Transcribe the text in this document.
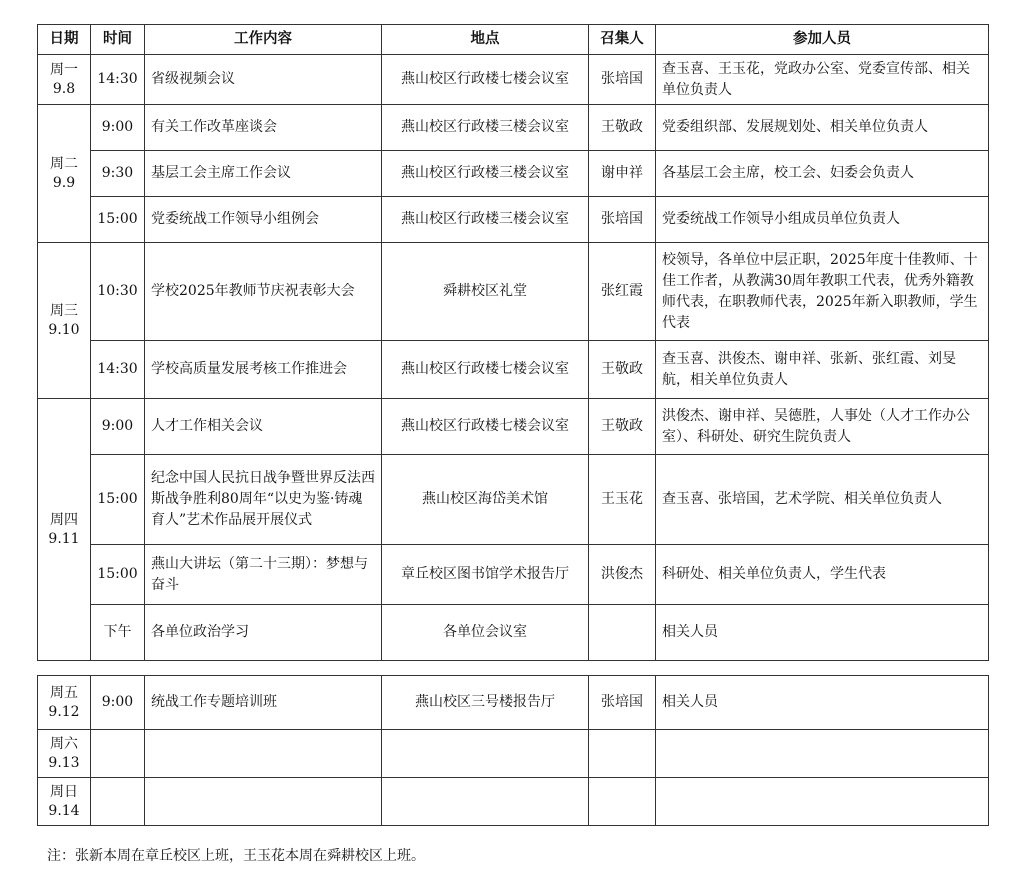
日期	时间	工作内容	地点	召集人	参加人员

周一
9.8	14:30	省级视频会议	燕山校区行政楼七楼会议室	张培国	查玉喜、王玉花，党政办公室、党委宣传部、相关单位负责人

周二
9.9	9:00	有关工作改革座谈会	燕山校区行政楼三楼会议室	王敬政	党委组织部、发展规划处、相关单位负责人
	9:30	基层工会主席工作会议	燕山校区行政楼三楼会议室	谢申祥	各基层工会主席，校工会、妇委会负责人
	15:00	党委统战工作领导小组例会	燕山校区行政楼三楼会议室	张培国	党委统战工作领导小组成员单位负责人

周三
9.10	10:30	学校2025年教师节庆祝表彰大会	舜耕校区礼堂	张红霞	校领导，各单位中层正职，2025年度十佳教师、十佳工作者，从教满30周年教职工代表，优秀外籍教师代表，在职教师代表，2025年新入职教师，学生代表
	14:30	学校高质量发展考核工作推进会	燕山校区行政楼七楼会议室	王敬政	查玉喜、洪俊杰、谢申祥、张新、张红霞、刘旻航，相关单位负责人

周四
9.11	9:00	人才工作相关会议	燕山校区行政楼七楼会议室	王敬政	洪俊杰、谢申祥、吴德胜，人事处（人才工作办公室）、科研处、研究生院负责人
	15:00	纪念中国人民抗日战争暨世界反法西斯战争胜利80周年“以史为鉴·铸魂育人”艺术作品展开展仪式	燕山校区海岱美术馆	王玉花	查玉喜、张培国，艺术学院、相关单位负责人
	15:00	燕山大讲坛（第二十三期）：梦想与奋斗	章丘校区图书馆学术报告厅	洪俊杰	科研处、相关单位负责人，学生代表
	下午	各单位政治学习	各单位会议室		相关人员
周五
9.12	9:00	统战工作专题培训班	燕山校区三号楼报告厅	张培国	相关人员

周六
9.13					

周日
9.14					

注：张新本周在章丘校区上班，王玉花本周在舜耕校区上班。
